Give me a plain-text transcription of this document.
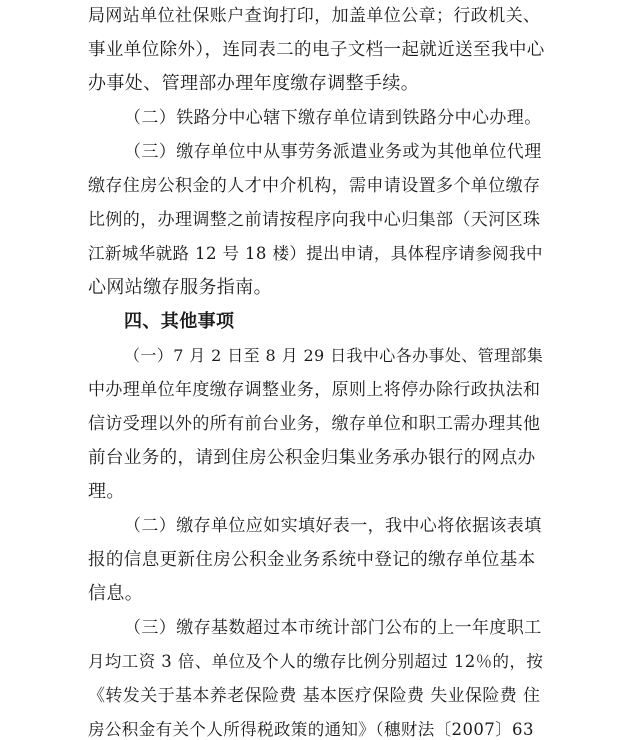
局网站单位社保账户查询打印，加盖单位公章；行政机关、
事业单位除外），连同表二的电子文档一起就近送至我中心
办事处、管理部办理年度缴存调整手续。
（二）铁路分中心辖下缴存单位请到铁路分中心办理。
（三）缴存单位中从事劳务派遣业务或为其他单位代理
缴存住房公积金的人才中介机构，需申请设置多个单位缴存
比例的，办理调整之前请按程序向我中心归集部（天河区珠
江新城华就路 12 号 18 楼）提出申请，具体程序请参阅我中
心网站缴存服务指南。
四、其他事项
（一）7 月 2 日至 8 月 29 日我中心各办事处、管理部集
中办理单位年度缴存调整业务，原则上将停办除行政执法和
信访受理以外的所有前台业务，缴存单位和职工需办理其他
前台业务的，请到住房公积金归集业务承办银行的网点办
理。
（二）缴存单位应如实填好表一，我中心将依据该表填
报的信息更新住房公积金业务系统中登记的缴存单位基本
信息。
（三）缴存基数超过本市统计部门公布的上一年度职工
月均工资 3 倍、单位及个人的缴存比例分别超过 12％的，按
《转发关于基本养老保险费 基本医疗保险费 失业保险费 住
房公积金有关个人所得税政策的通知》（穗财法〔2007〕63
